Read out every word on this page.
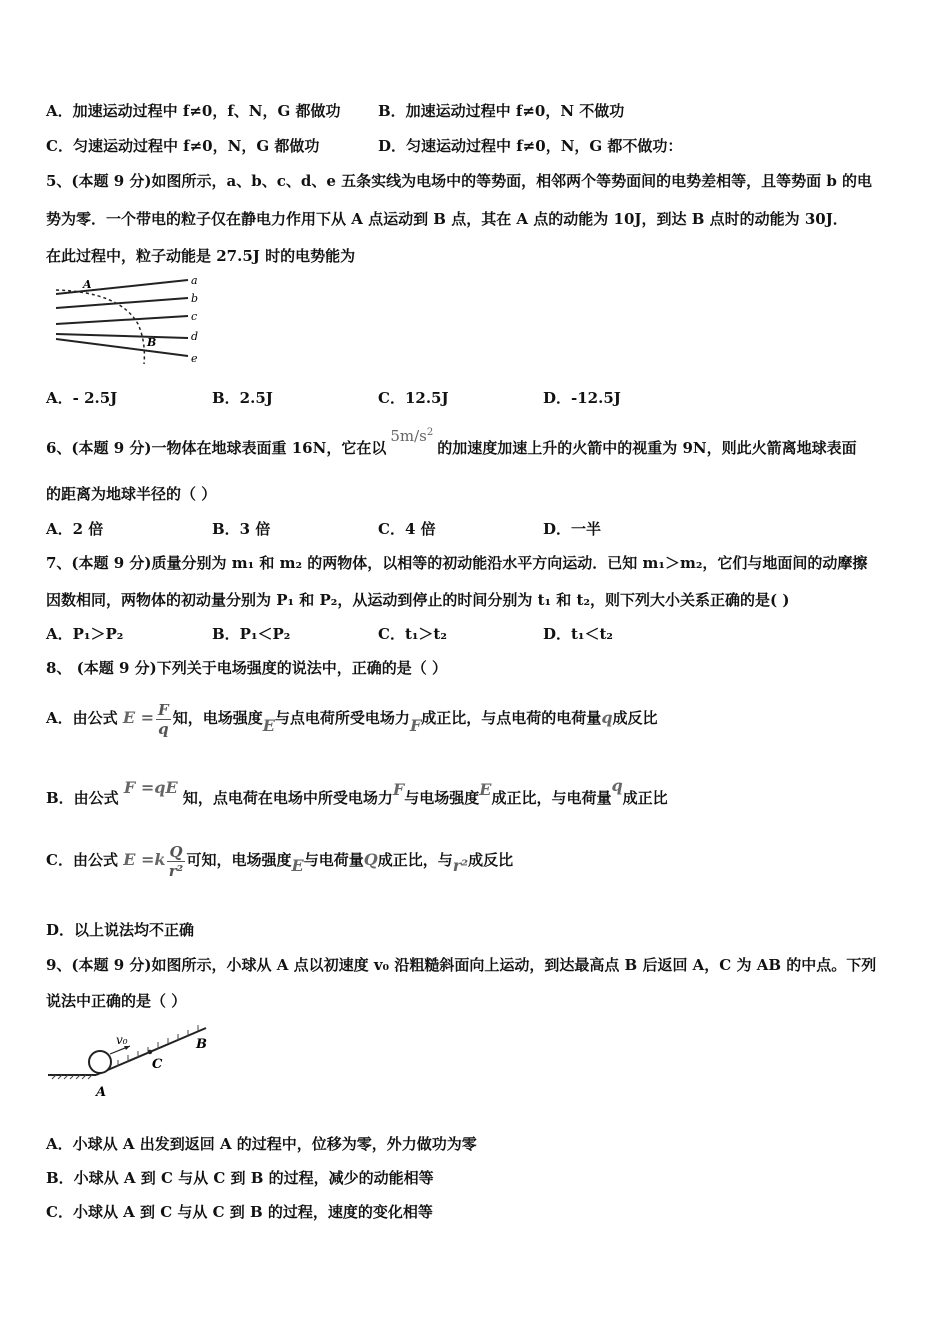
A．加速运动过程中 f≠0，f、N，G 都做功 B．加速运动过程中 f≠0，N 不做功
C．匀速运动过程中 f≠0，N，G 都做功	D．匀速运动过程中 f≠0，N，G 都不做功：
5、(本题 9 分)如图所示，a、b、c、d、e 五条实线为电场中的等势面，相邻两个等势面间的电势差相等，且等势面 b 的电
势为零．一个带电的粒子仅在静电力作用下从 A 点运动到 B 点，其在 A 点的动能为 10J，到达 B 点时的动能为 30J．
在此过程中，粒子动能是 27.5J 时的电势能为
A
B
a
b
c
d
e
A．- 2.5J	B．2.5J	C．12.5J	D．-12.5J
6、(本题 9 分)一物体在地球表面重 16N，它在以$5m/s^2$的加速度加速上升的火箭中的视重为 9N，则此火箭离地球表面
的距离为地球半径的（ ）
A．2 倍	B．3 倍	C．4 倍	D．一半
7、(本题 9 分)质量分别为 m₁ 和 m₂ 的两物体，以相等的初动能沿水平方向运动．已知 m₁＞m₂，它们与地面间的动摩擦
因数相同，两物体的初动量分别为 P₁ 和 P₂，从运动到停止的时间分别为 t₁ 和 t₂，则下列大小关系正确的是( )
A．P₁＞P₂	B．P₁＜P₂	C．t₁＞t₂	D．t₁＜t₂
8、 (本题 9 分)下列关于电场强度的说法中，正确的是（ ）
A．由公式 $E = \frac{F}{q}$ 知，电场强度E与点电荷所受电场力F成正比，与点电荷的电荷量q成反比
B．由公式 F =qE 知，点电荷在电场中所受电场力F与电场强度E成正比，与电荷量q成正比
C．由公式 $E =k \frac{Q}{\text{r²}}$ 可知，电场强度E与电荷量Q成正比，与r²成反比
D．以上说法均不正确
9、(本题 9 分)如图所示，小球从 A 点以初速度 v₀ 沿粗糙斜面向上运动，到达最高点 B 后返回 A，C 为 AB 的中点。下列
说法中正确的是（ ）
v₀
C
B
A
A．小球从 A 出发到返回 A 的过程中，位移为零，外力做功为零
B．小球从 A 到 C 与从 C 到 B 的过程，减少的动能相等
C．小球从 A 到 C 与从 C 到 B 的过程，速度的变化相等
